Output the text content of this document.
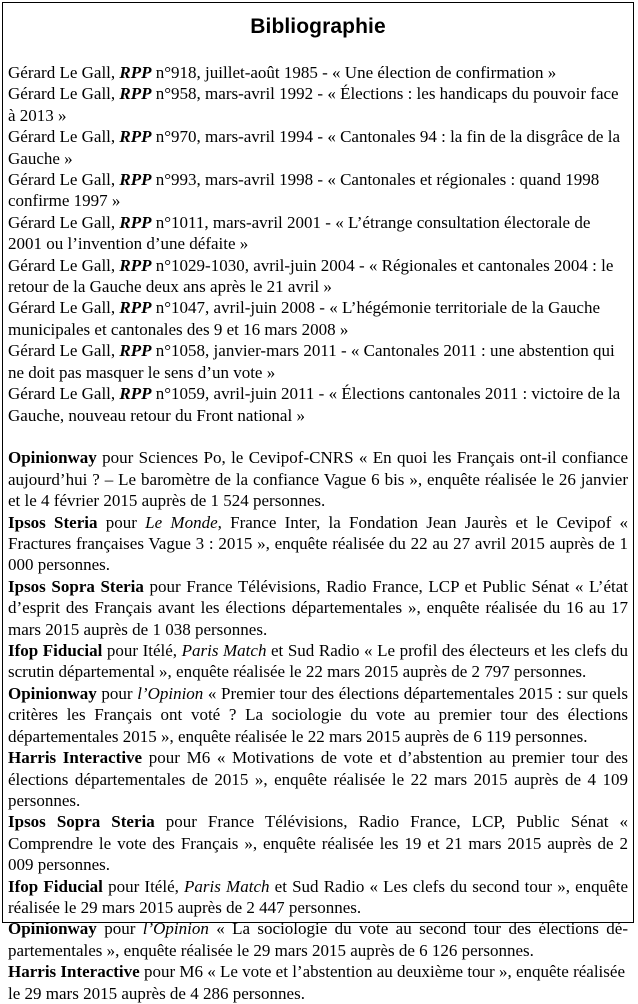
Bibliographie

Gérard Le Gall, RPP n°918, juillet-août 1985 - « Une élection de confirmation »

Gérard Le Gall, RPP n°958, mars-avril 1992 - « Élections : les handicaps du pouvoir face à 2013 »

Gérard Le Gall, RPP n°970, mars-avril 1994 - « Cantonales 94 : la fin de la disgrâce de la Gauche »

Gérard Le Gall, RPP n°993, mars-avril 1998 - « Cantonales et régionales : quand 1998 confirme 1997 »

Gérard Le Gall, RPP n°1011, mars-avril 2001 - « L’étrange consultation électorale de 2001 ou l’invention d’une défaite »

Gérard Le Gall, RPP n°1029-1030, avril-juin 2004 - « Régionales et cantonales 2004 : le retour de la Gauche deux ans après le 21 avril »

Gérard Le Gall, RPP n°1047, avril-juin 2008 - « L’hégémonie territoriale de la Gauche municipales et cantonales des 9 et 16 mars 2008 »

Gérard Le Gall, RPP n°1058, janvier-mars 2011 - « Cantonales 2011 : une abstention qui ne doit pas masquer le sens d’un vote »

Gérard Le Gall, RPP n°1059, avril-juin 2011 - « Élections cantonales 2011 : victoire de la Gauche, nouveau retour du Front national »

Opinionway pour Sciences Po, le Cevipof-CNRS « En quoi les Français ont-il confiance aujourd’hui ? – Le baromètre de la confiance Vague 6 bis », enquête réalisée le 26 janvier et le 4 février 2015 auprès de 1 524 personnes.

Ipsos Steria pour Le Monde, France Inter, la Fondation Jean Jaurès et le Cevipof « Fractures françaises Vague 3 : 2015 », enquête réalisée du 22 au 27 avril 2015 auprès de 1 000 personnes.

Ipsos Sopra Steria pour France Télévisions, Radio France, LCP et Public Sénat « L’état d’esprit des Français avant les élections départementales », enquête réalisée du 16 au 17 mars 2015 auprès de 1 038 personnes.

Ifop Fiducial pour Itélé, Paris Match et Sud Radio « Le profil des électeurs et les clefs du scrutin départemental », enquête réalisée le 22 mars 2015 auprès de 2 797 personnes.

Opinionway pour l’Opinion « Premier tour des élections départementales 2015 : sur quels critères les Français ont voté ? La sociologie du vote au premier tour des élections départementales 2015 », enquête réalisée le 22 mars 2015 auprès de 6 119 personnes.

Harris Interactive pour M6 « Motivations de vote et d’abstention au premier tour des élections départementales de 2015 », enquête réalisée le 22 mars 2015 auprès de 4 109 personnes.

Ipsos Sopra Steria pour France Télévisions, Radio France, LCP, Public Sénat « Comprendre le vote des Français », enquête réalisée les 19 et 21 mars 2015 auprès de 2 009 personnes.

Ifop Fiducial pour Itélé, Paris Match et Sud Radio « Les clefs du second tour », enquête réalisée le 29 mars 2015 auprès de 2 447 personnes.

Opinionway pour l’Opinion « La sociologie du vote au second tour des élections dé-partementales », enquête réalisée le 29 mars 2015 auprès de 6 126 personnes.

Harris Interactive pour M6 « Le vote et l’abstention au deuxième tour », enquête réalisée le 29 mars 2015 auprès de 4 286 personnes.
